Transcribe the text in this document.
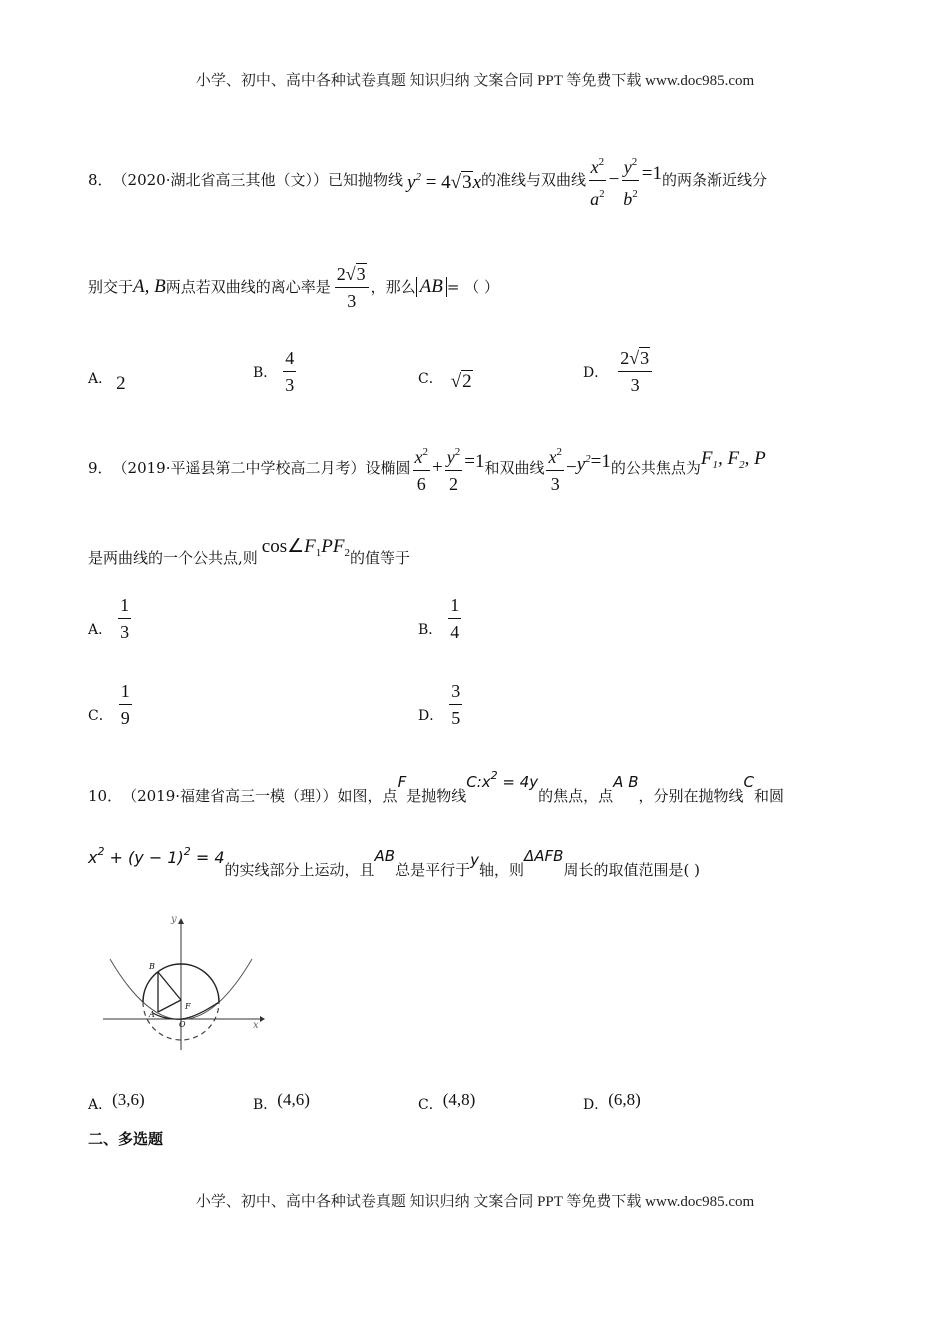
小学、初中、高中各种试卷真题 知识归纳 文案合同 PPT 等免费下载 www.doc985.com
8． （2020·湖北省高三其他（文）） 已知抛物线 $y^2 = 4√3x$ 的准线与双曲线 $\frac{x^2}{a^2} - \frac{y^2}{b^2} =1$ 的两条渐近线分
别交于 A, B 两点若双曲线的离心率是 $\frac{2√3}{3}$ ，那么 AB = （ ）
A． 2
B． $\frac{4}{3}$	C． √2	D． $\frac{2√3}{3}$
9． （2019·平遥县第二中学校高二月考） 设椭圆 $\frac{x^2}{6} + \frac{y^2}{2} =1$ 和双曲线 $\frac{x^2}{3} - y^2 =1$ 的公共焦点为 $F_1$, $F_2$, P
是两曲线的一个公共点,则
$\cos\angle F_1PF_2$ 的值等于
A． $\frac{1}{3}$	B． $\frac{1}{4}$
C． $\frac{1}{9}$	D． $\frac{3}{5}$
10． （2019·福建省高三一模（理）） 如图，点
F
是抛物线
$C:x^2 = 4y$
的焦点，点
A B
，分别在抛物线
C
和圆
$x^2 + (y - 1)^2 = 4$
的实线部分上运动，且
AB
总是平行于
y
轴，则
ΔAFB
周长的取值范围是( )
y
x
B
A
F
O
A． (3,6)	B． (4,6)	C． (4,8)	D． (6,8)
二、多选题
小学、初中、高中各种试卷真题 知识归纳 文案合同 PPT 等免费下载 www.doc985.com
